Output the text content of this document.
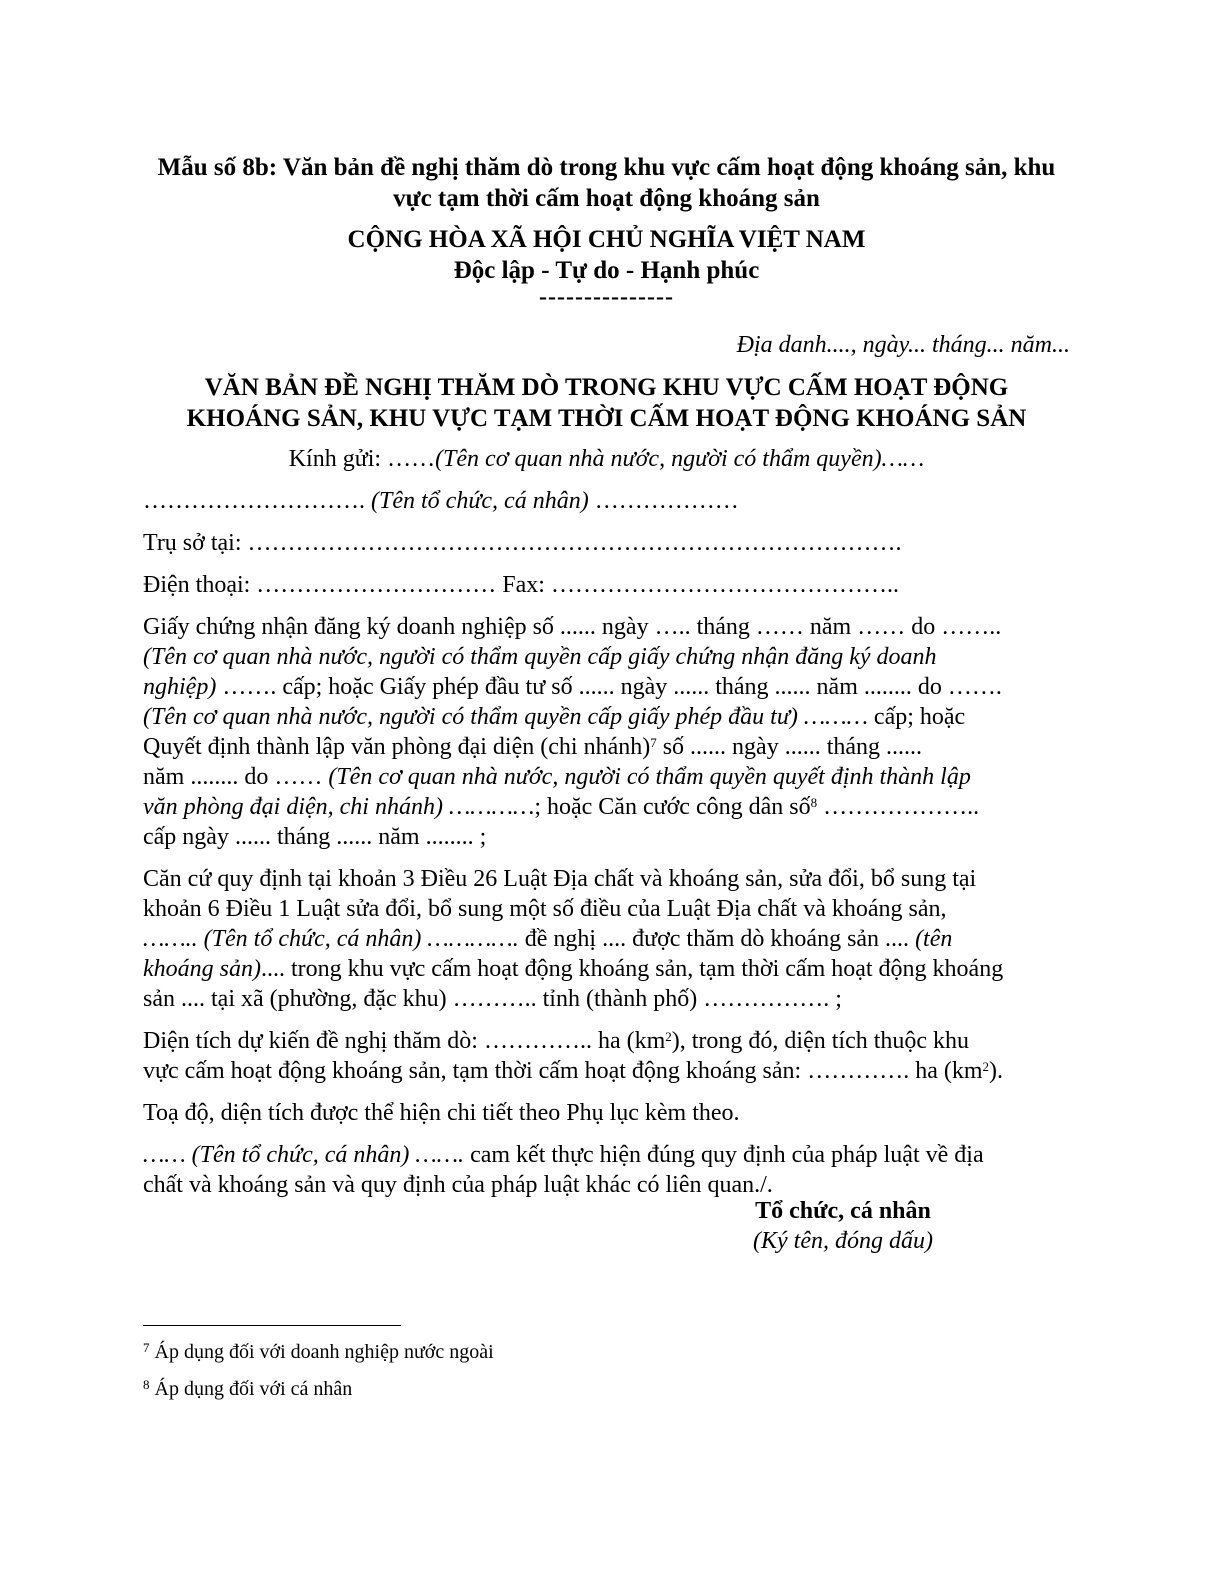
Mẫu số 8b: Văn bản đề nghị thăm dò trong khu vực cấm hoạt động khoáng sản, khu

vực tạm thời cấm hoạt động khoáng sản

CỘNG HÒA XÃ HỘI CHỦ NGHĨA VIỆT NAM

Độc lập - Tự do - Hạnh phúc

---------------

Địa danh...., ngày... tháng... năm...

VĂN BẢN ĐỀ NGHỊ THĂM DÒ TRONG KHU VỰC CẤM HOẠT ĐỘNG

KHOÁNG SẢN, KHU VỰC TẠM THỜI CẤM HOẠT ĐỘNG KHOÁNG SẢN

Kính gửi: ……(Tên cơ quan nhà nước, người có thẩm quyền)……

………………………. (Tên tổ chức, cá nhân) ………………

Trụ sở tại: ……………………………………………………………………….

Điện thoại: ………………………… Fax: ……………………………………..

Giấy chứng nhận đăng ký doanh nghiệp số ...... ngày ….. tháng …… năm …… do ……..

(Tên cơ quan nhà nước, người có thẩm quyền cấp giấy chứng nhận đăng ký doanh

nghiệp) ……. cấp; hoặc Giấy phép đầu tư số ...... ngày ...... tháng ...... năm ........ do …….

(Tên cơ quan nhà nước, người có thẩm quyền cấp giấy phép đầu tư) ……… cấp; hoặc

Quyết định thành lập văn phòng đại diện (chi nhánh)$^7$ số ...... ngày ...... tháng ......

năm ........ do …… (Tên cơ quan nhà nước, người có thẩm quyền quyết định thành lập

văn phòng đại diện, chi nhánh) …………; hoặc Căn cước công dân số$^8$ ………………..

cấp ngày ...... tháng ...... năm ........ ;

Căn cứ quy định tại khoản 3 Điều 26 Luật Địa chất và khoáng sản, sửa đổi, bổ sung tại

khoản 6 Điều 1 Luật sửa đổi, bổ sung một số điều của Luật Địa chất và khoáng sản,

…….. (Tên tổ chức, cá nhân) …………. đề nghị .... được thăm dò khoáng sản .... (tên

khoáng sản).... trong khu vực cấm hoạt động khoáng sản, tạm thời cấm hoạt động khoáng

sản .... tại xã (phường, đặc khu) ……….. tỉnh (thành phố) ……………. ;

Diện tích dự kiến đề nghị thăm dò: ………….. ha $(km^2)$, trong đó, diện tích thuộc khu

vực cấm hoạt động khoáng sản, tạm thời cấm hoạt động khoáng sản: …………. ha $(km^2)$.

Toạ độ, diện tích được thể hiện chi tiết theo Phụ lục kèm theo.

…… (Tên tổ chức, cá nhân) ……. cam kết thực hiện đúng quy định của pháp luật về địa

chất và khoáng sản và quy định của pháp luật khác có liên quan./.

Tổ chức, cá nhân

(Ký tên, đóng dấu)

$^7$ Áp dụng đối với doanh nghiệp nước ngoài
$^8$ Áp dụng đối với cá nhân
